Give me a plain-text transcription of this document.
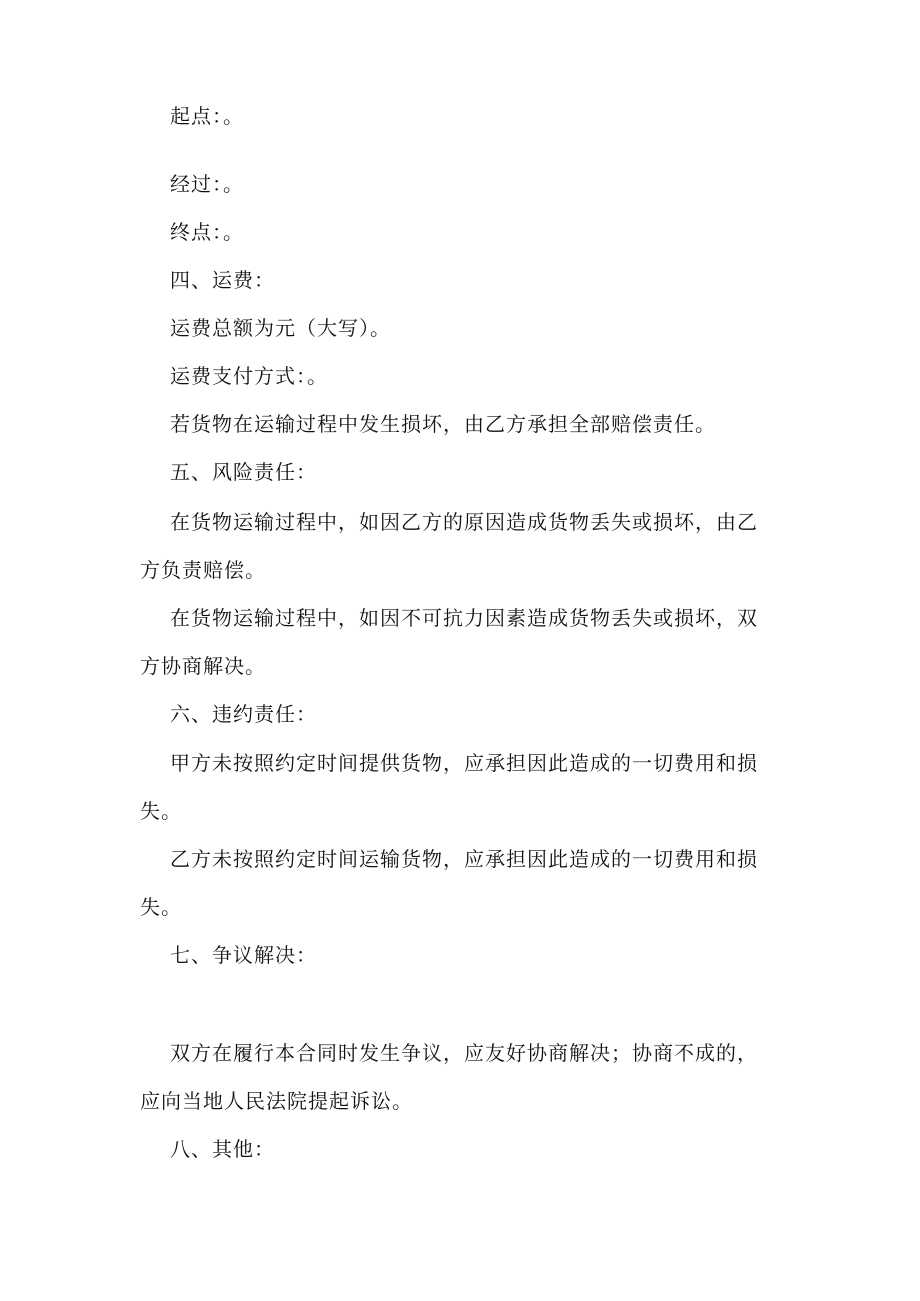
起点：。
经过：。
终点：。
四、运费：
运费总额为元（大写）。
运费支付方式：。
若货物在运输过程中发生损坏，由乙方承担全部赔偿责任。
五、风险责任：
在货物运输过程中，如因乙方的原因造成货物丢失或损坏，由乙
方负责赔偿。
在货物运输过程中，如因不可抗力因素造成货物丢失或损坏，双
方协商解决。
六、违约责任：
甲方未按照约定时间提供货物，应承担因此造成的一切费用和损
失。
乙方未按照约定时间运输货物，应承担因此造成的一切费用和损
失。
七、争议解决：
双方在履行本合同时发生争议，应友好协商解决；协商不成的，
应向当地人民法院提起诉讼。
八、其他：
